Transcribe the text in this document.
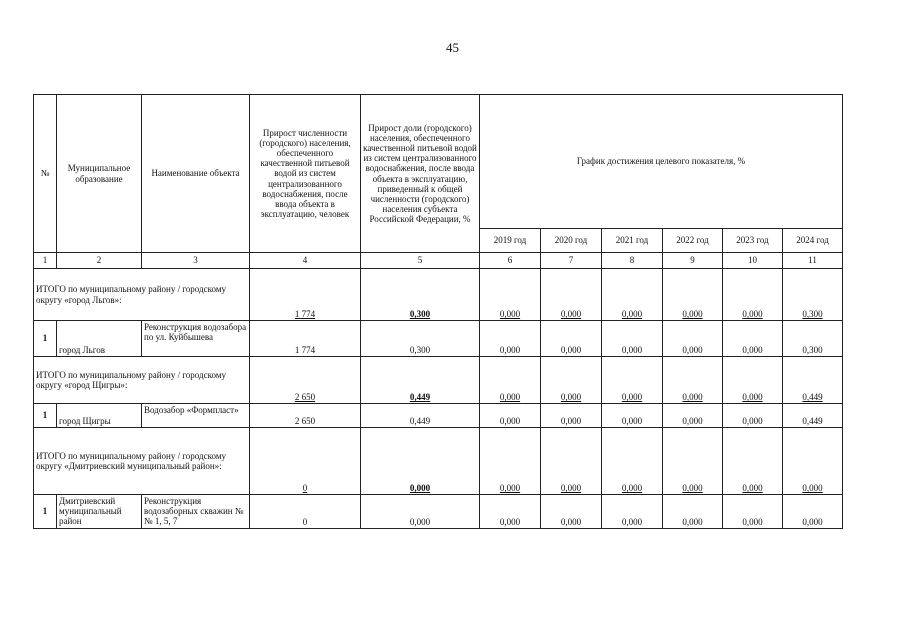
45
№	Муниципальное образование	Наименование объекта	Прирост численности (городского) населения, обеспеченного качественной питьевой водой из систем централизованного водоснабжения, после ввода объекта в эксплуатацию, человек	Прирост доли (городского) населения, обеспеченного качественной питьевой водой из систем централизованного водоснабжения, после ввода объекта в эксплуатацию, приведенный к общей численности (городского) населения субъекта Российской Федерации, %	График достижения целевого показателя, %					
					2019 год	2020 год	2021 год	2022 год	2023 год	2024 год
1	2	3	4	5	6	7	8	9	10	11
ИТОГО по муниципальному району / городскому округу «город Льгов»:			1 774	0,300	0,000	0,000	0,000	0,000	0,000	0,300
1	город Льгов	Реконструкция водозабора по ул. Куйбышева	1 774	0,300	0,000	0,000	0,000	0,000	0,000	0,300
ИТОГО по муниципальному району / городскому округу «город Щигры»:			2 650	0,449	0,000	0,000	0,000	0,000	0,000	0,449
1	город Щигры	Водозабор «Формпласт»	2 650	0,449	0,000	0,000	0,000	0,000	0,000	0,449
ИТОГО по муниципальному району / городскому округу «Дмитриевский муниципальный район»:			0	0,000	0,000	0,000	0,000	0,000	0,000	0,000
1	Дмитриевский муниципальный район	Реконструкция водозаборных скважин №№ 1, 5, 7	0	0,000	0,000	0,000	0,000	0,000	0,000	0,000
